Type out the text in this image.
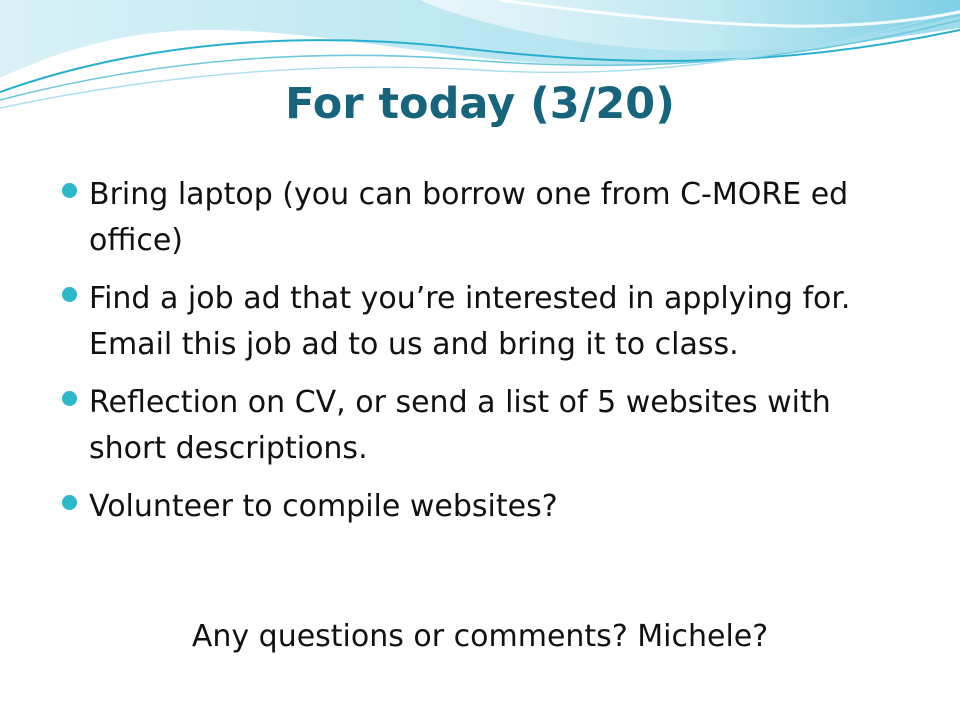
For today (3/20)
Bring laptop (you can borrow one from C-MORE ed office)
Find a job ad that you’re interested in applying for. Email this job ad to us and bring it to class.
Reflection on CV, or send a list of 5 websites with short descriptions.
Volunteer to compile websites?

Any questions or comments? Michele?
